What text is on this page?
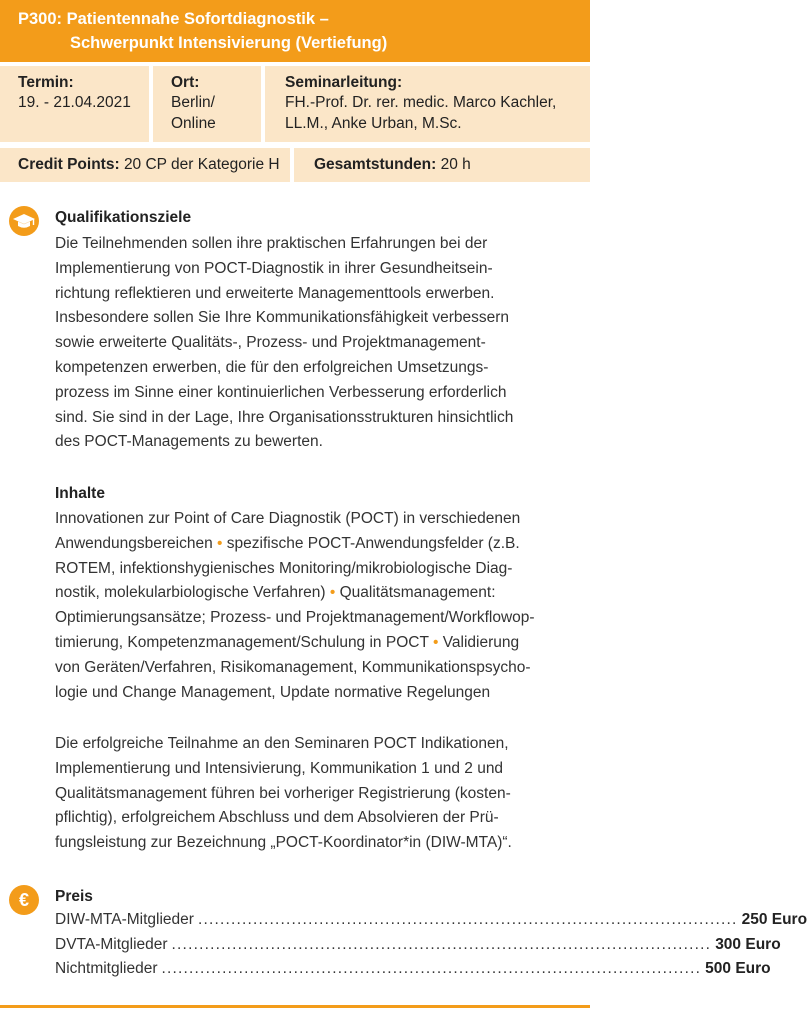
P300: Patientennahe Sofortdiagnostik –
Schwerpunkt Intensivierung (Vertiefung)
Termin:
19. - 21.04.2021
Ort:
Berlin/
Online
Seminarleitung:
FH.-Prof. Dr. rer. medic. Marco Kachler,
LL.M., Anke Urban, M.Sc.
Credit Points: 20 CP der Kategorie H Gesamtstunden: 20 h
Qualifikationsziele
Die Teilnehmenden sollen ihre praktischen Erfahrungen bei der
Implementierung von POCT-Diagnostik in ihrer Gesundheitsein-
richtung reflektieren und erweiterte Managementtools erwerben.
Insbesondere sollen Sie Ihre Kommunikationsfähigkeit verbessern
sowie erweiterte Qualitäts-, Prozess- und Projektmanagement-
kompetenzen erwerben, die für den erfolgreichen Umsetzungs-
prozess im Sinne einer kontinuierlichen Verbesserung erforderlich
sind. Sie sind in der Lage, Ihre Organisationsstrukturen hinsichtlich
des POCT-Managements zu bewerten.
Inhalte
Innovationen zur Point of Care Diagnostik (POCT) in verschiedenen
Anwendungsbereichen • spezifische POCT-Anwendungsfelder (z.B.
ROTEM, infektionshygienisches Monitoring/mikrobiologische Diag-
nostik, molekularbiologische Verfahren) • Qualitätsmanagement:
Optimierungsansätze; Prozess- und Projektmanagement/Workflowop-
timierung, Kompetenzmanagement/Schulung in POCT • Validierung
von Geräten/Verfahren, Risikomanagement, Kommunikationspsycho-
logie und Change Management, Update normative Regelungen
Die erfolgreiche Teilnahme an den Seminaren POCT Indikationen,
Implementierung und Intensivierung, Kommunikation 1 und 2 und
Qualitätsmanagement führen bei vorheriger Registrierung (kosten-
pflichtig), erfolgreichem Abschluss und dem Absolvieren der Prü-
fungsleistung zur Bezeichnung „POCT-Koordinator*in (DIW-MTA)“.
€	Preis
DIW-MTA-Mitglieder .................................................................................................. 250 Euro
DVTA-Mitglieder .................................................................................................. 300 Euro
Nichtmitglieder .................................................................................................. 500 Euro
